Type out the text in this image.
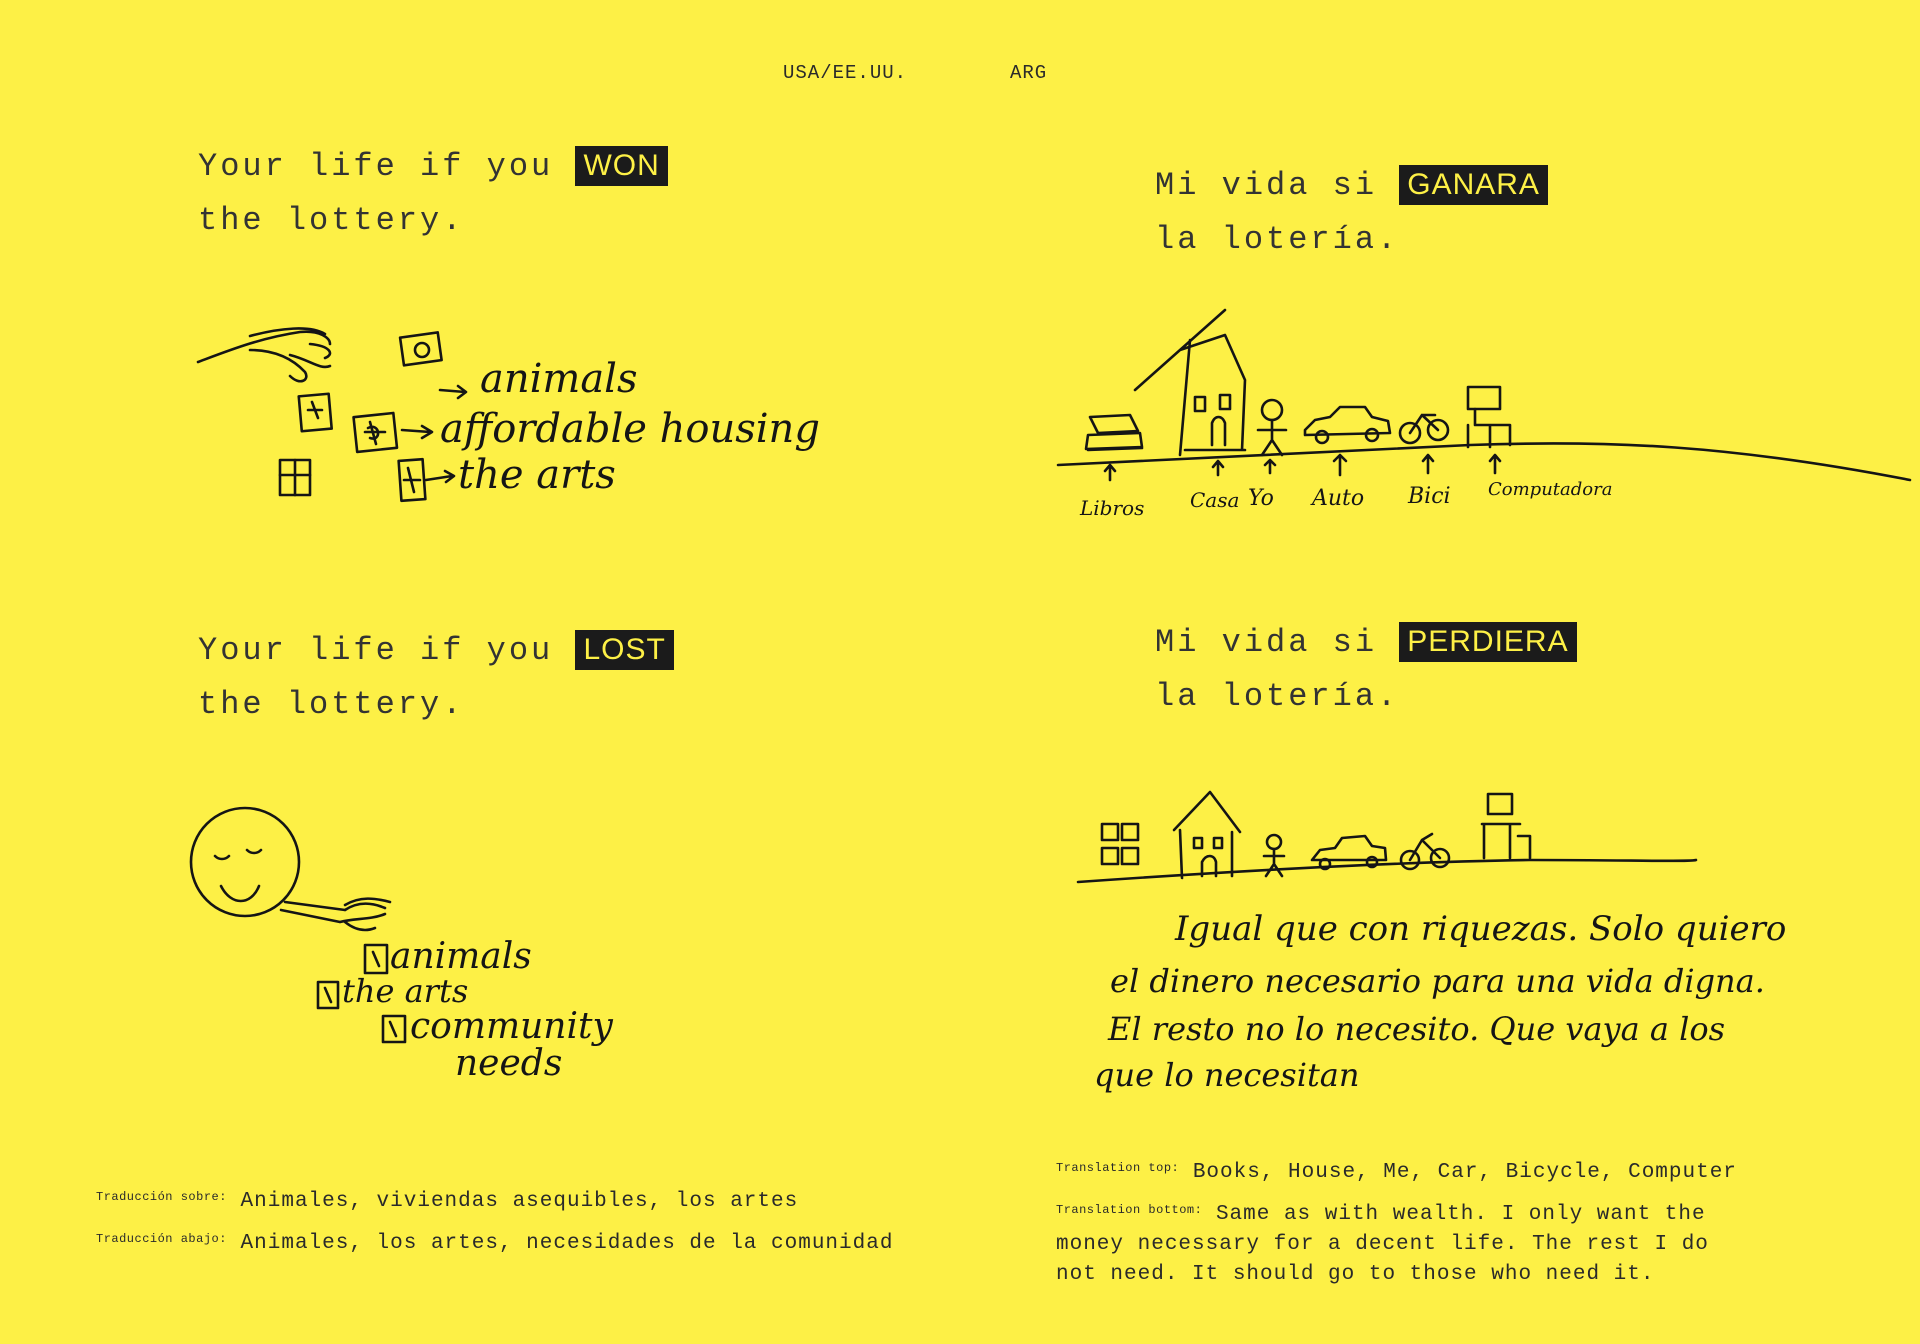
USA/EE.UU.	ARG
Your life if you WON
the lottery.
Mi vida si GANARA
la lotería.
animals
affordable housing
the arts
Libros Casa Yo Auto Bici Computadora
Your life if you LOST
the lottery.
Mi vida si PERDIERA
la lotería.
animals
the arts
community
needs
Igual que con riquezas. Solo quiero
el dinero necesario para una vida digna.
El resto no lo necesito. Que vaya a los
que lo necesitan
$^{Traducción sobre:}$ Animales, viviendas asequibles, los artes
$^{Traducción abajo:}$ Animales, los artes, necesidades de la comunidad
$^{Translation top:}$ Books, House, Me, Car, Bicycle, Computer
$^{Translation bottom:}$ Same as with wealth. I only want the
money necessary for a decent life. The rest I do
not need. It should go to those who need it.
